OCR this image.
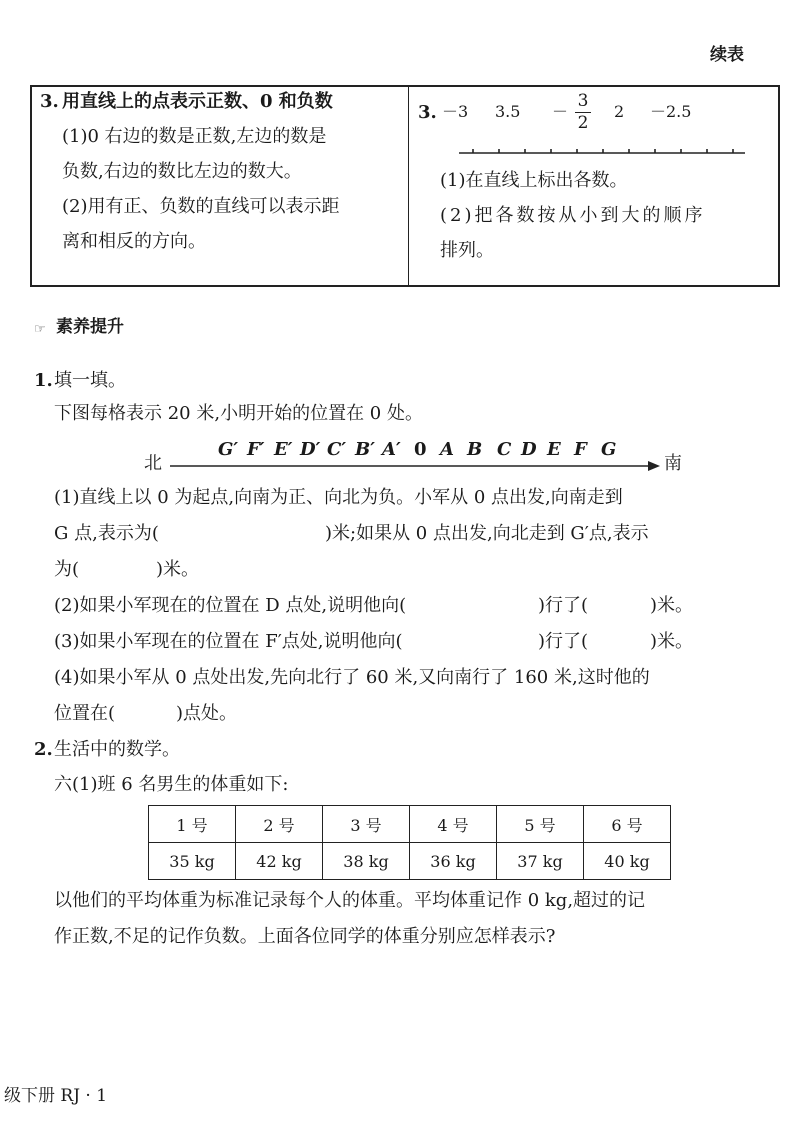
续表
3. 用直线上的点表示正数、0 和负数
(1)0 右边的数是正数,左边的数是
负数,右边的数比左边的数大。
(2)用有正、负数的直线可以表示距
离和相反的方向。
3. －3 3.5 －
3
2
2 －2.5
(1)在直线上标出各数。
(2)把各数按从小到大的顺序
排列。
☞ 素养提升
1. 填一填。
下图每格表示 20 米,小明开始的位置在 0 处。
北	南
G′ F′ E′ D′ C′ B′ A′ 0 A B C D E F G
(1)直线上以 0 为起点,向南为正、向北为负。小军从 0 点出发,向南走到
G 点,表示为(	)米;如果从 0 点出发,向北走到 G′点,表示
为(	)米。
(2)如果小军现在的位置在 D 点处,说明他向(	)行了(	)米。
(3)如果小军现在的位置在 F′点处,说明他向(	)行了(	)米。
(4)如果小军从 0 点处出发,先向北行了 60 米,又向南行了 160 米,这时他的
位置在(	)点处。
2. 生活中的数学。
六(1)班 6 名男生的体重如下:
1 号	2 号	3 号	4 号	5 号	6 号
35 kg	42 kg	38 kg	36 kg	37 kg	40 kg
以他们的平均体重为标准记录每个人的体重。平均体重记作 0 kg,超过的记
作正数,不足的记作负数。上面各位同学的体重分别应怎样表示?
级下册 RJ · 1
